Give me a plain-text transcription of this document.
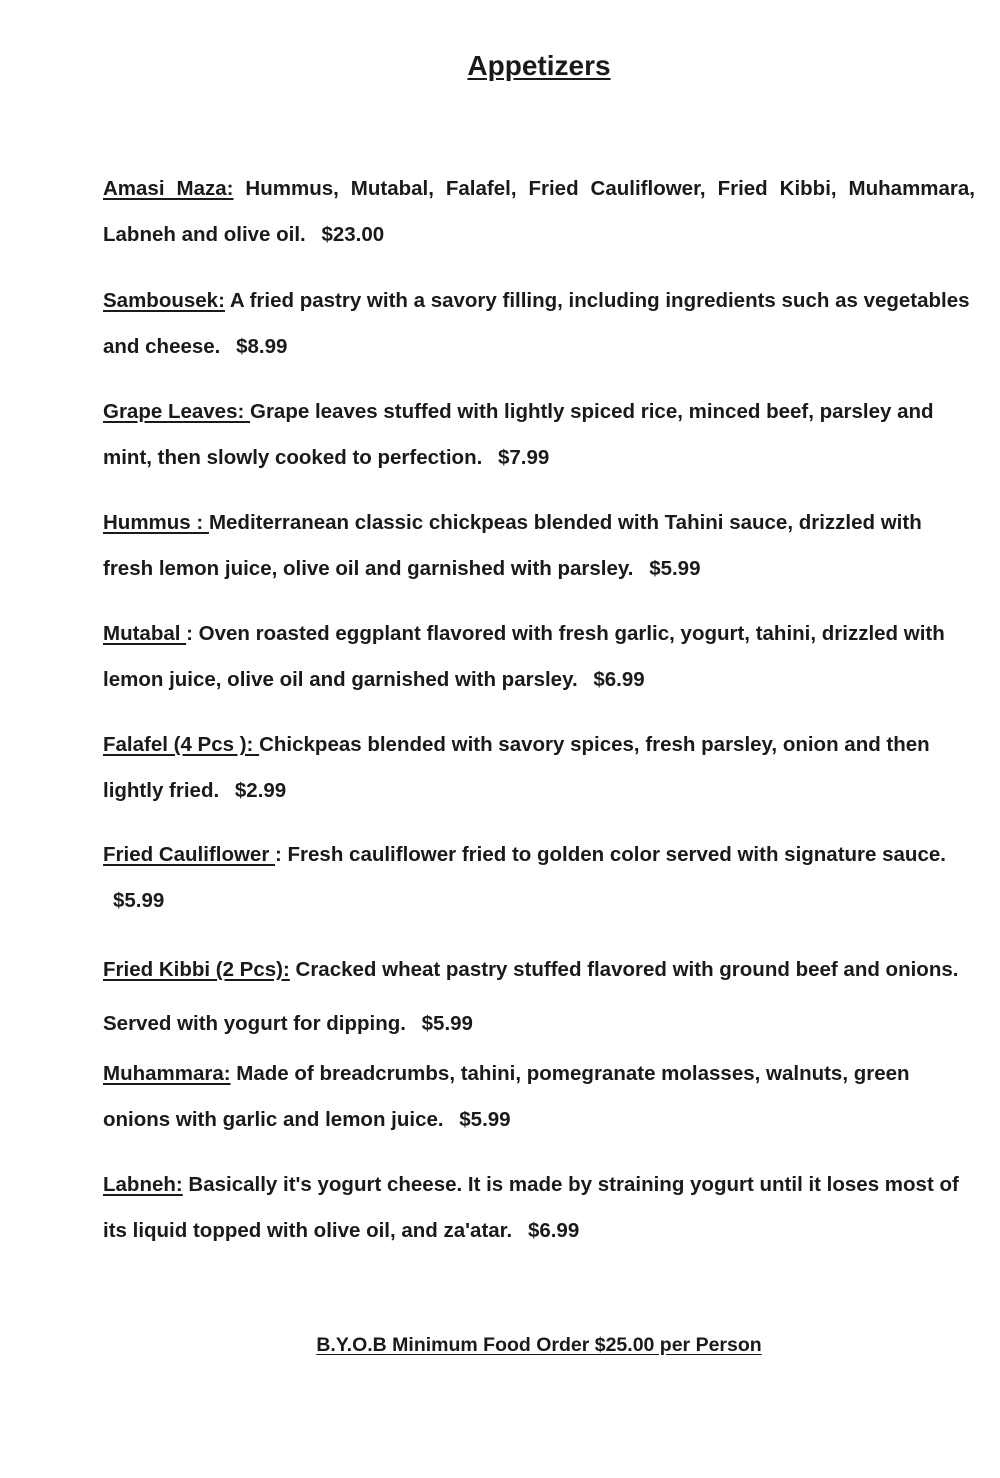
Appetizers

Amasi Maza: Hummus, Mutabal, Falafel, Fried Cauliflower, Fried Kibbi, Muhammara, Labneh and olive oil. $23.00

Sambousek: A fried pastry with a savory filling, including ingredients such as vegetables and cheese. $8.99

Grape Leaves: Grape leaves stuffed with lightly spiced rice, minced beef, parsley and mint, then slowly cooked to perfection. $7.99

Hummus : Mediterranean classic chickpeas blended with Tahini sauce, drizzled with fresh lemon juice, olive oil and garnished with parsley. $5.99

Mutabal : Oven roasted eggplant flavored with fresh garlic, yogurt, tahini, drizzled with lemon juice, olive oil and garnished with parsley. $6.99

Falafel (4 Pcs ): Chickpeas blended with savory spices, fresh parsley, onion and then lightly fried. $2.99

Fried Cauliflower : Fresh cauliflower fried to golden color served with signature sauce. $5.99

Fried Kibbi (2 Pcs): Cracked wheat pastry stuffed flavored with ground beef and onions. Served with yogurt for dipping. $5.99

Muhammara: Made of breadcrumbs, tahini, pomegranate molasses, walnuts, green onions with garlic and lemon juice. $5.99

Labneh: Basically it's yogurt cheese. It is made by straining yogurt until it loses most of its liquid topped with olive oil, and za'atar. $6.99

B.Y.O.B Minimum Food Order $25.00 per Person
